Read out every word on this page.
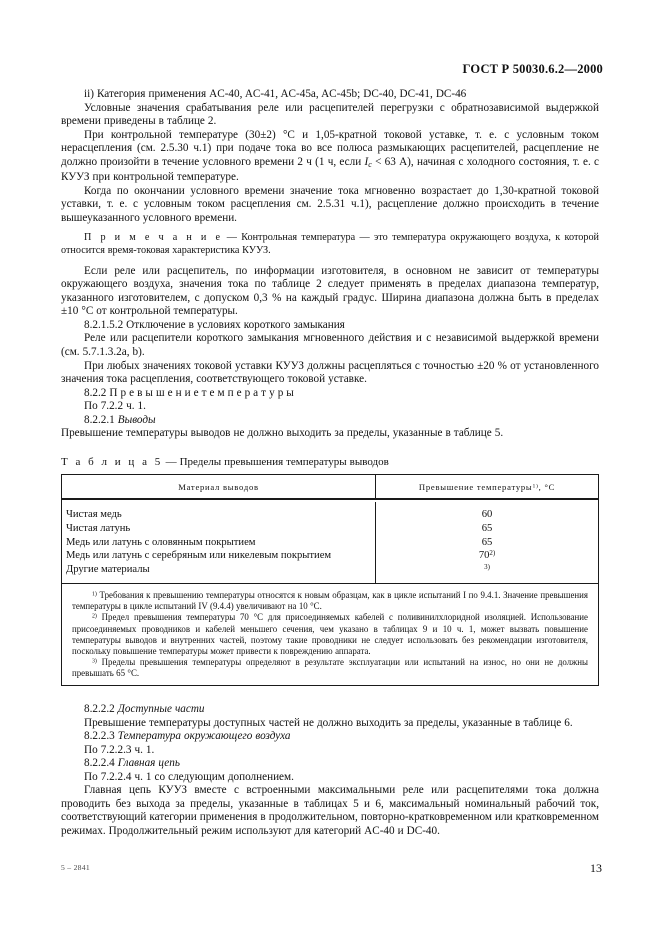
ГОСТ Р 50030.6.2—2000

ii) Категория применения AC-40, AC-41, AC-45a, AC-45b; DC-40, DC-41, DC-46

Условные значения срабатывания реле или расцепителей перегрузки с обратнозависимой выдержкой времени приведены в таблице 2.

При контрольной температуре (30±2) °C и 1,05-кратной токовой уставке, т. е. с условным током нерасцепления (см. 2.5.30 ч.1) при подаче тока во все полюса размыкающих расцепителей, расцепление не должно произойти в течение условного времени 2 ч (1 ч, если $I_c < 63$ А), начиная с холодного состояния, т. е. с КУУЗ при контрольной температуре.

Когда по окончании условного времени значение тока мгновенно возрастает до 1,30-кратной токовой уставки, т. е. с условным током расцепления см. 2.5.31 ч.1), расцепление должно происходить в течение вышеуказанного условного времени.

П р и м е ч а н и е — Контрольная температура — это температура окружающего воздуха, к которой относится время-токовая характеристика КУУЗ.

Если реле или расцепитель, по информации изготовителя, в основном не зависит от температуры окружающего воздуха, значения тока по таблице 2 следует применять в пределах диапазона температур, указанного изготовителем, с допуском 0,3 % на каждый градус. Ширина диапазона должна быть в пределах ±10 °C от контрольной температуры.

8.2.1.5.2 Отключение в условиях короткого замыкания

Реле или расцепители короткого замыкания мгновенного действия и с независимой выдержкой времени (см. 5.7.1.3.2a, b).

При любых значениях токовой уставки КУУЗ должны расцепляться с точностью ±20 % от установленного значения тока расцепления, соответствующего токовой уставке.

8.2.2 П р е в ы ш е н и е т е м п е р а т у р ы

По 7.2.2 ч. 1.

8.2.2.1 Выводы

Превышение температуры выводов не должно выходить за пределы, указанные в таблице 5.

Т а б л и ц а 5 — Пределы превышения температуры выводов

Материал выводов	Превышение температуры$^{1)}$, °C
Чистая медь	60
Чистая латунь	65
Медь или латунь с оловянным покрытием	65
Медь или латунь с серебряным или никелевым покрытием	70$^{2)}$
Другие материалы	$^{3)}$

$^{1)}$ Требования к превышению температуры относятся к новым образцам, как в цикле испытаний I по 9.4.1. Значение превышения температуры в цикле испытаний IV (9.4.4) увеличивают на 10 °C.

$^{2)}$ Предел превышения температуры 70 °C для присоединяемых кабелей с поливинилхлоридной изоляцией. Использование присоединяемых проводников и кабелей меньшего сечения, чем указано в таблицах 9 и 10 ч. 1, может вызвать повышение температуры выводов и внутренних частей, поэтому такие проводники не следует использовать без рекомендации изготовителя, поскольку повышение температуры может привести к повреждению аппарата.

$^{3)}$ Пределы превышения температуры определяют в результате эксплуатации или испытаний на износ, но они не должны превышать 65 °C.

8.2.2.2 Доступные части

Превышение температуры доступных частей не должно выходить за пределы, указанные в таблице 6.

8.2.2.3 Температура окружающего воздуха

По 7.2.2.3 ч. 1.

8.2.2.4 Главная цепь

По 7.2.2.4 ч. 1 со следующим дополнением.

Главная цепь КУУЗ вместе с встроенными максимальными реле или расцепителями тока должна проводить без выхода за пределы, указанные в таблицах 5 и 6, максимальный номинальный рабочий ток, соответствующий категории применения в продолжительном, повторно-кратковременном или кратковременном режимах. Продолжительный режим используют для категорий AC-40 и DC-40.

5 – 2841	13
